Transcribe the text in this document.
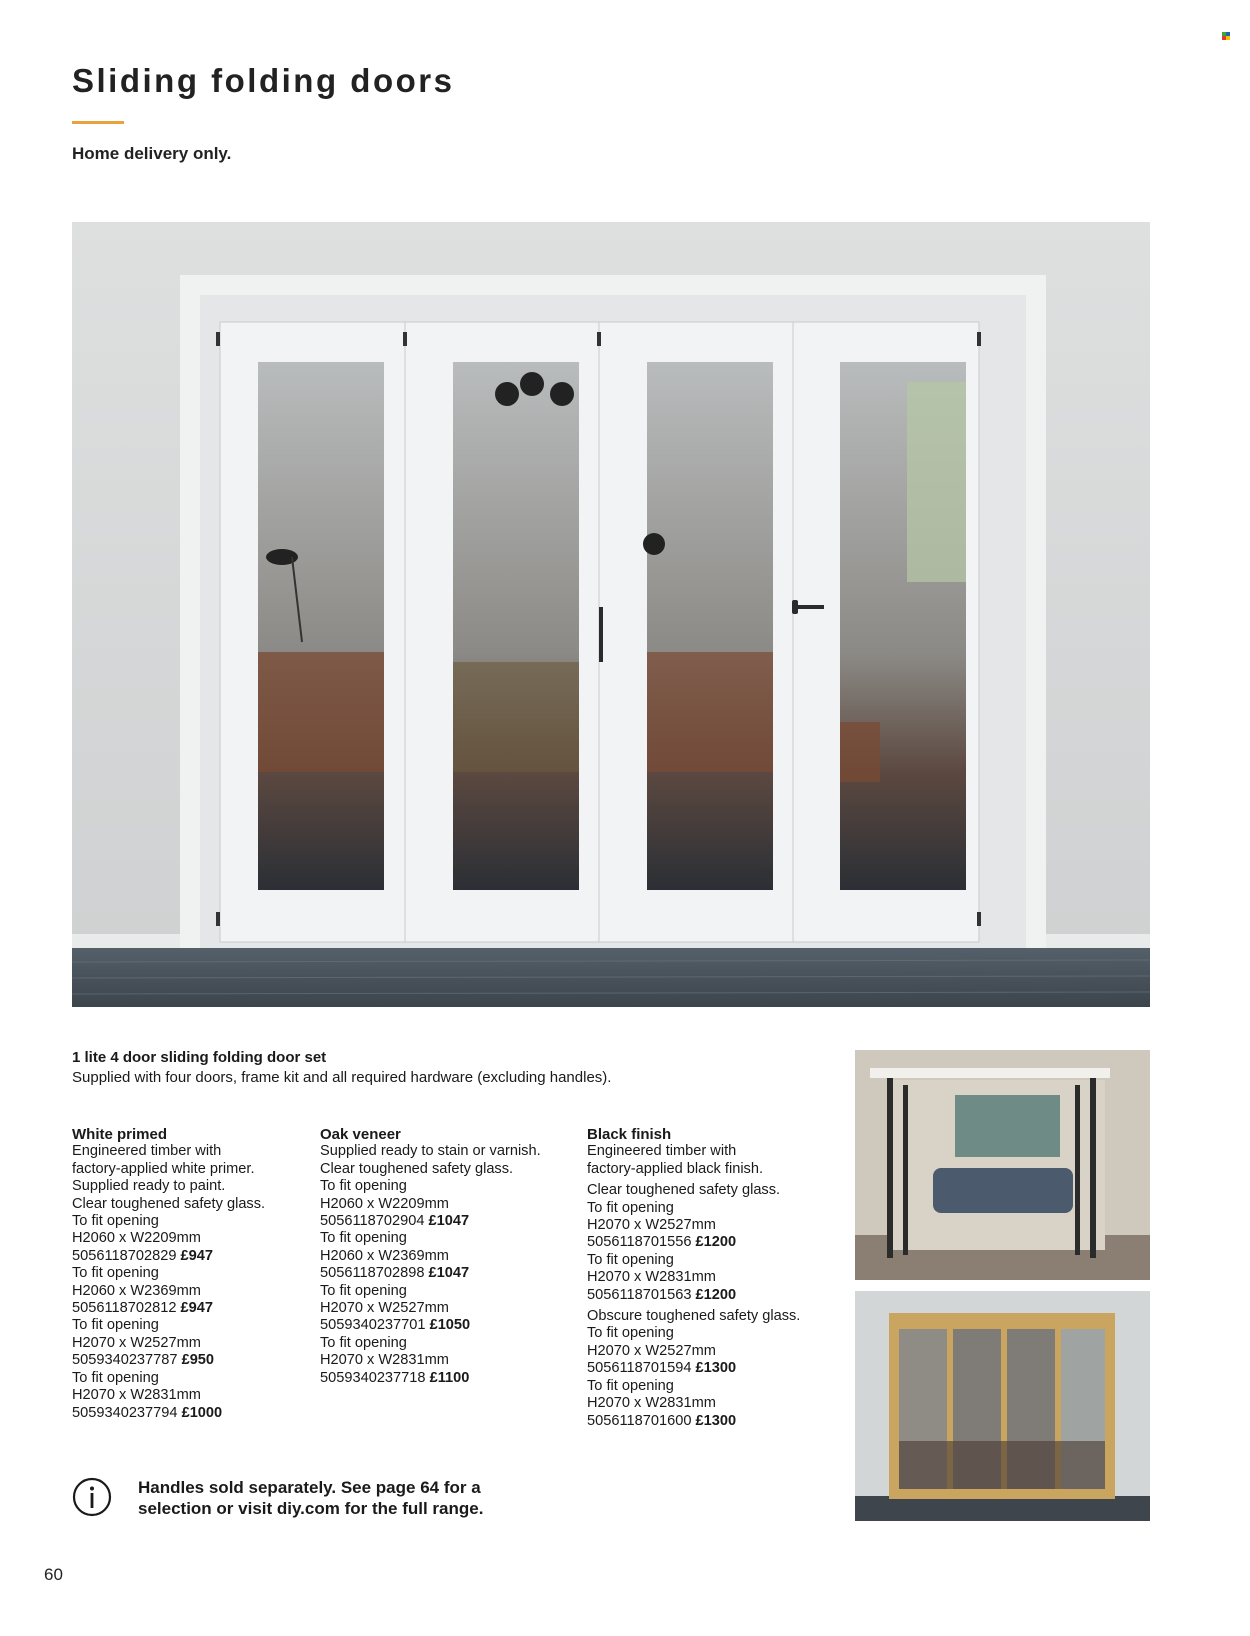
Sliding folding doors
Home delivery only.
1 lite 4 door sliding folding door set
Supplied with four doors, frame kit and all required hardware (excluding handles).
White primed
Engineered timber with
factory-applied white primer.
Supplied ready to paint.
Clear toughened safety glass.
To fit opening
H2060 x W2209mm
5056118702829 £947
To fit opening
H2060 x W2369mm
5056118702812 £947
To fit opening
H2070 x W2527mm
5059340237787 £950
To fit opening
H2070 x W2831mm
5059340237794 £1000
Oak veneer
Supplied ready to stain or varnish.
Clear toughened safety glass.
To fit opening
H2060 x W2209mm
5056118702904 £1047
To fit opening
H2060 x W2369mm
5056118702898 £1047
To fit opening
H2070 x W2527mm
5059340237701 £1050
To fit opening
H2070 x W2831mm
5059340237718 £1100
Black finish
Engineered timber with
factory-applied black finish.
Clear toughened safety glass.
To fit opening
H2070 x W2527mm
5056118701556 £1200
To fit opening
H2070 x W2831mm
5056118701563 £1200
Obscure toughened safety glass.
To fit opening
H2070 x W2527mm
5056118701594 £1300
To fit opening
H2070 x W2831mm
5056118701600 £1300
Handles sold separately. See page 64 for a
selection or visit diy.com for the full range.
60
